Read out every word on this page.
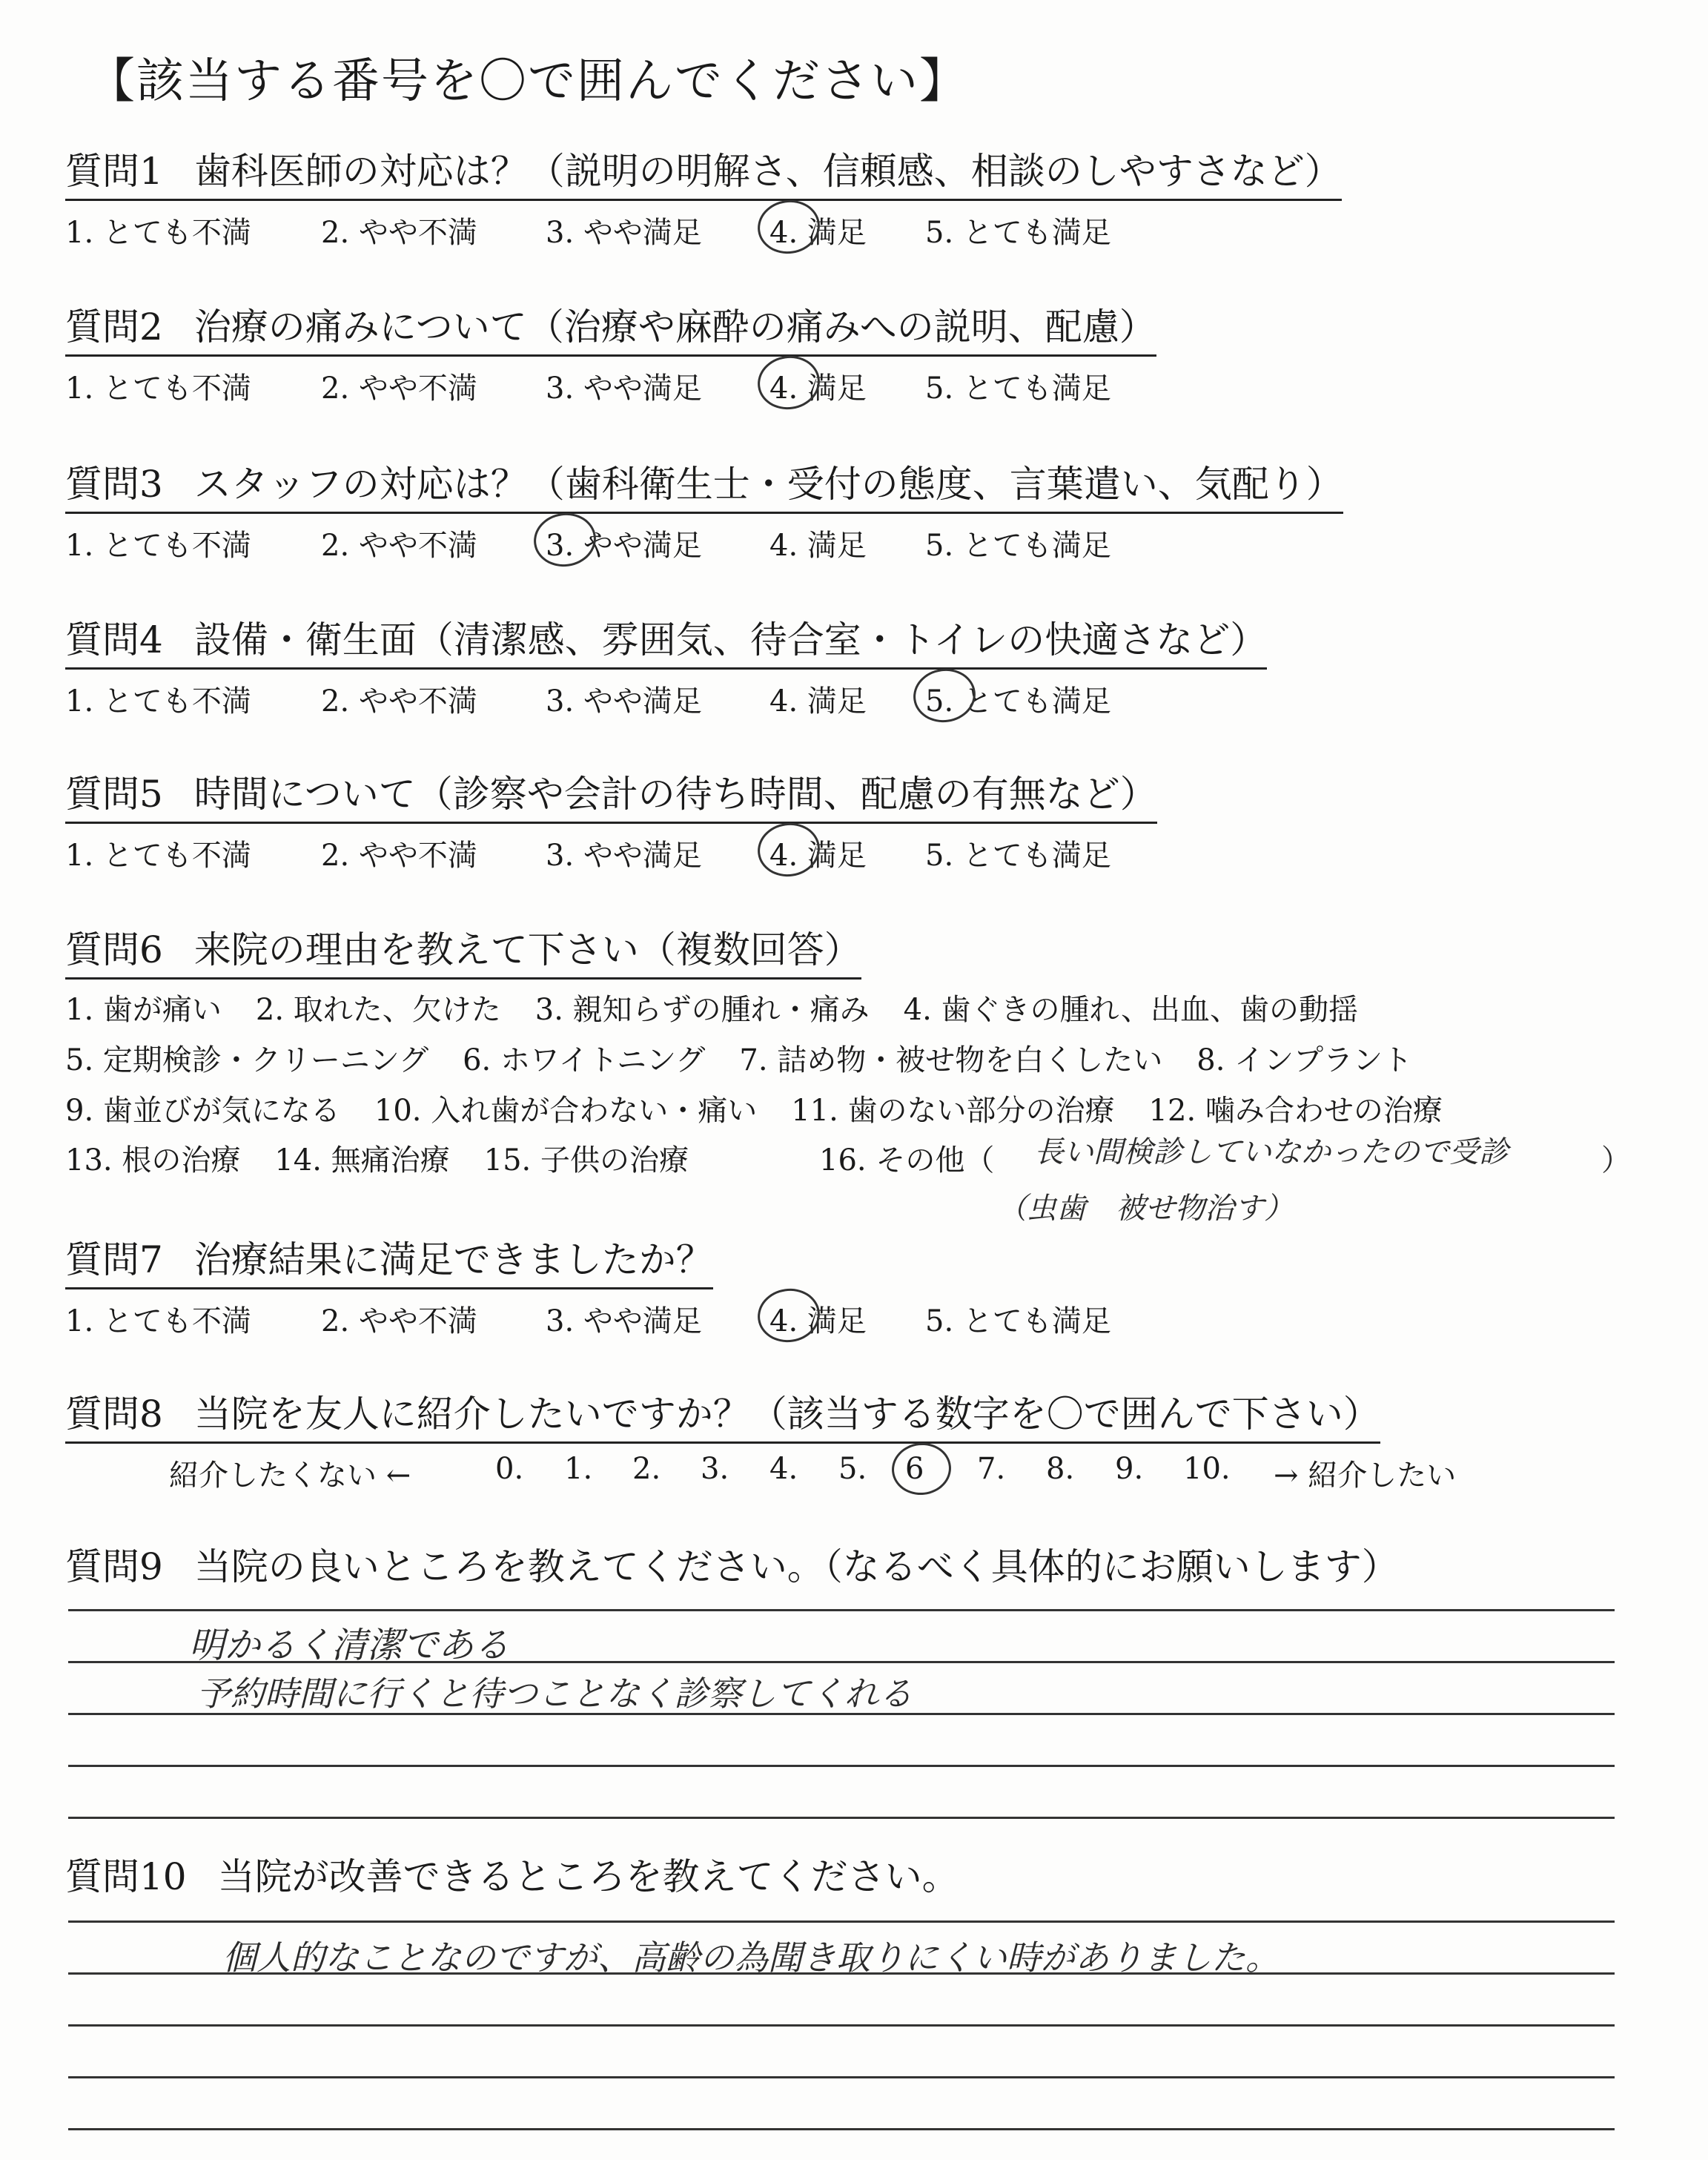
【該当する番号を〇で囲んでください】
質問1 歯科医師の対応は？（説明の明解さ、信頼感、相談のしやすさなど）
1. とても不満 2. やや不満 3. やや満足 4. 満足 5. とても満足
質問2 治療の痛みについて（治療や麻酔の痛みへの説明、配慮）
1. とても不満 2. やや不満 3. やや満足 4. 満足 5. とても満足
質問3 スタッフの対応は？（歯科衛生士・受付の態度、言葉遣い、気配り）
1. とても不満 2. やや不満 3. やや満足 4. 満足 5. とても満足
質問4 設備・衛生面（清潔感、雰囲気、待合室・トイレの快適さなど）
1. とても不満 2. やや不満 3. やや満足 4. 満足 5. とても満足
質問5 時間について（診察や会計の待ち時間、配慮の有無など）
1. とても不満 2. やや不満 3. やや満足 4. 満足 5. とても満足
質問6 来院の理由を教えて下さい（複数回答）
1. 歯が痛い 2. 取れた、欠けた 3. 親知らずの腫れ・痛み 4. 歯ぐきの腫れ、出血、歯の動揺
5. 定期検診・クリーニング 6. ホワイトニング 7. 詰め物・被せ物を白くしたい 8. インプラント
9. 歯並びが気になる 10. 入れ歯が合わない・痛い 11. 歯のない部分の治療 12. 噛み合わせの治療
13. 根の治療 14. 無痛治療 15. 子供の治療	16. その他（ 長い間検診していなかったので受診	）
（虫歯　被せ物治す）
質問7 治療結果に満足できましたか？
1. とても不満 2. やや不満 3. やや満足 4. 満足 5. とても満足
質問8 当院を友人に紹介したいですか？（該当する数字を〇で囲んで下さい）
紹介したくない ←	0. 1. 2. 3. 4. 5. 6 7. 8. 9. 10. → 紹介したい
質問9 当院の良いところを教えてください。（なるべく具体的にお願いします）
明かるく清潔である
予約時間に行くと待つことなく診察してくれる
質問10 当院が改善できるところを教えてください。
個人的なことなのですが、高齢の為聞き取りにくい時がありました。
